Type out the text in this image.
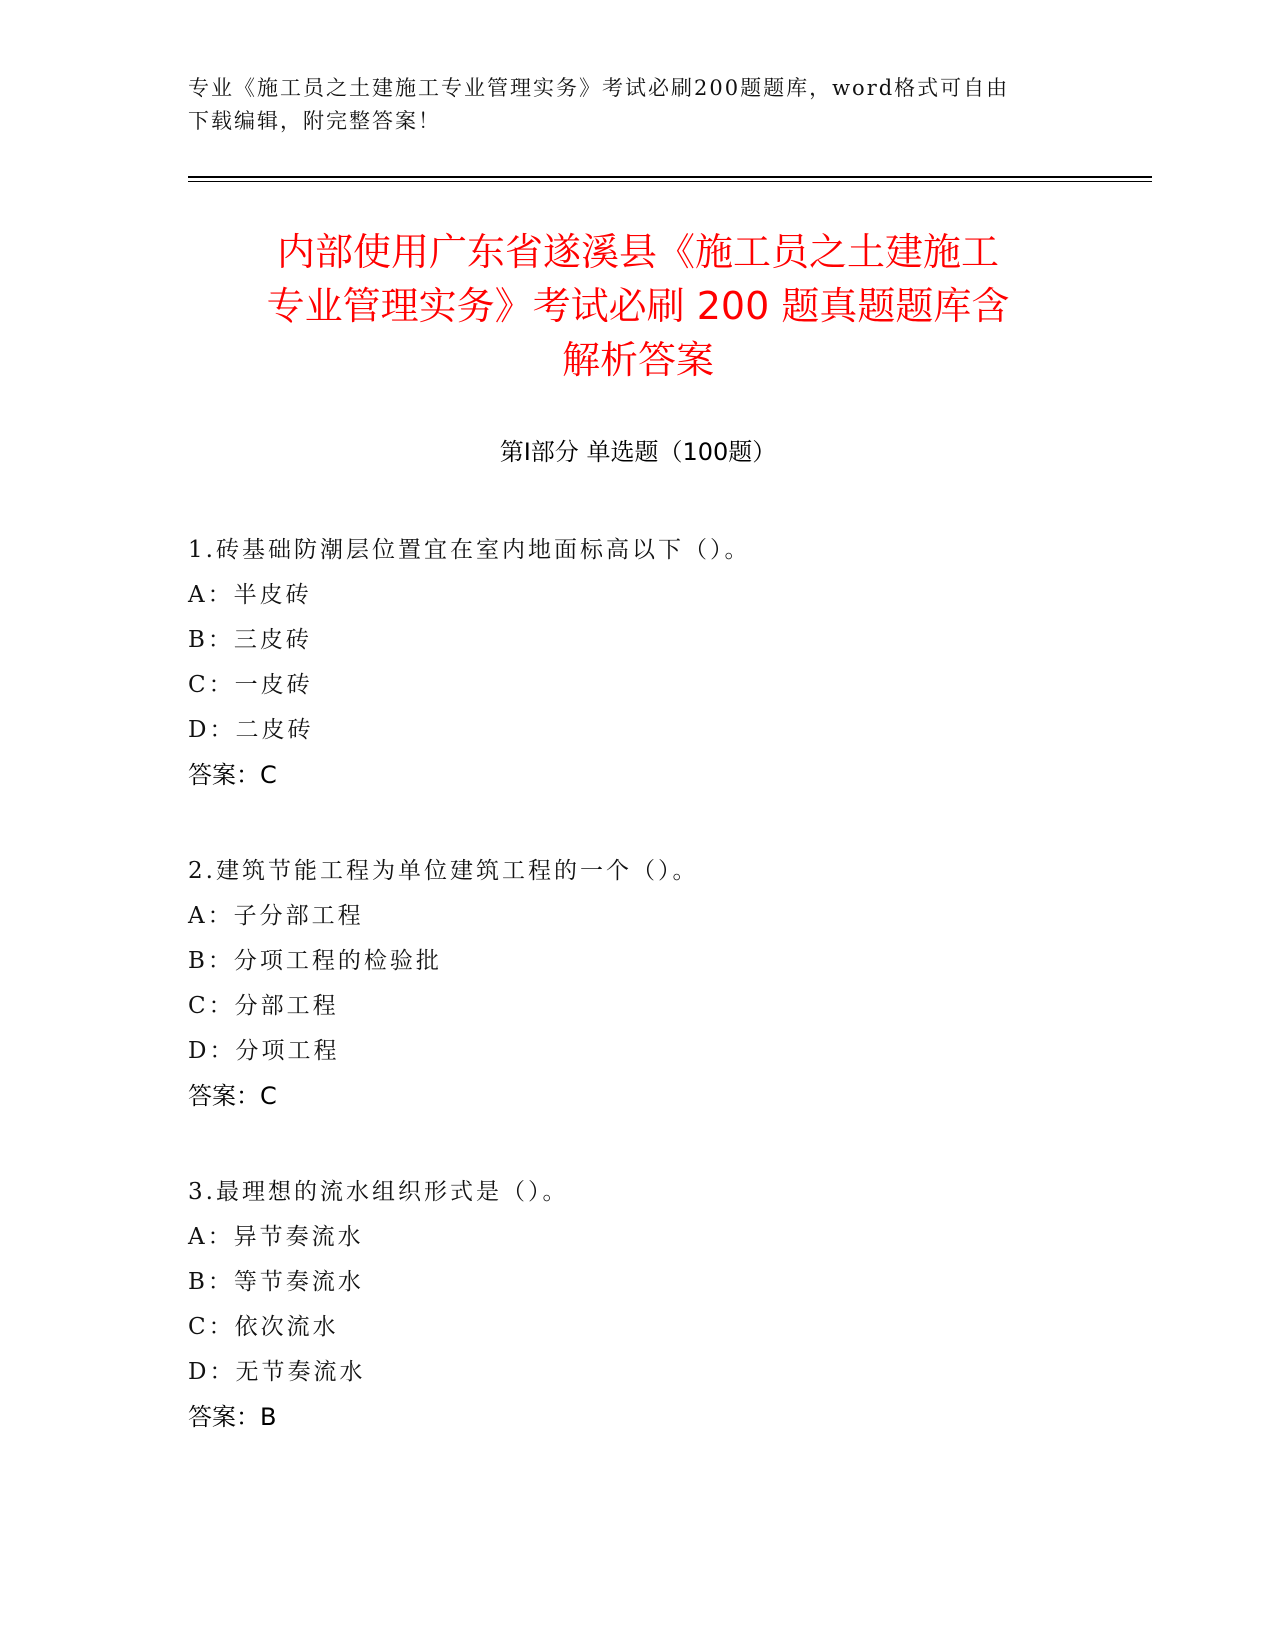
专业《施工员之土建施工专业管理实务》考试必刷200题题库，word格式可自由
下载编辑，附完整答案！
内部使用广东省遂溪县《施工员之土建施工
专业管理实务》考试必刷 200 题真题题库含
解析答案
第Ⅰ部分 单选题（100题）
1.砖基础防潮层位置宜在室内地面标高以下（）。
A：半皮砖
B：三皮砖
C：一皮砖
D：二皮砖
答案：C
2.建筑节能工程为单位建筑工程的一个（）。
A：子分部工程
B：分项工程的检验批
C：分部工程
D：分项工程
答案：C
3.最理想的流水组织形式是（）。
A：异节奏流水
B：等节奏流水
C：依次流水
D：无节奏流水
答案：B
